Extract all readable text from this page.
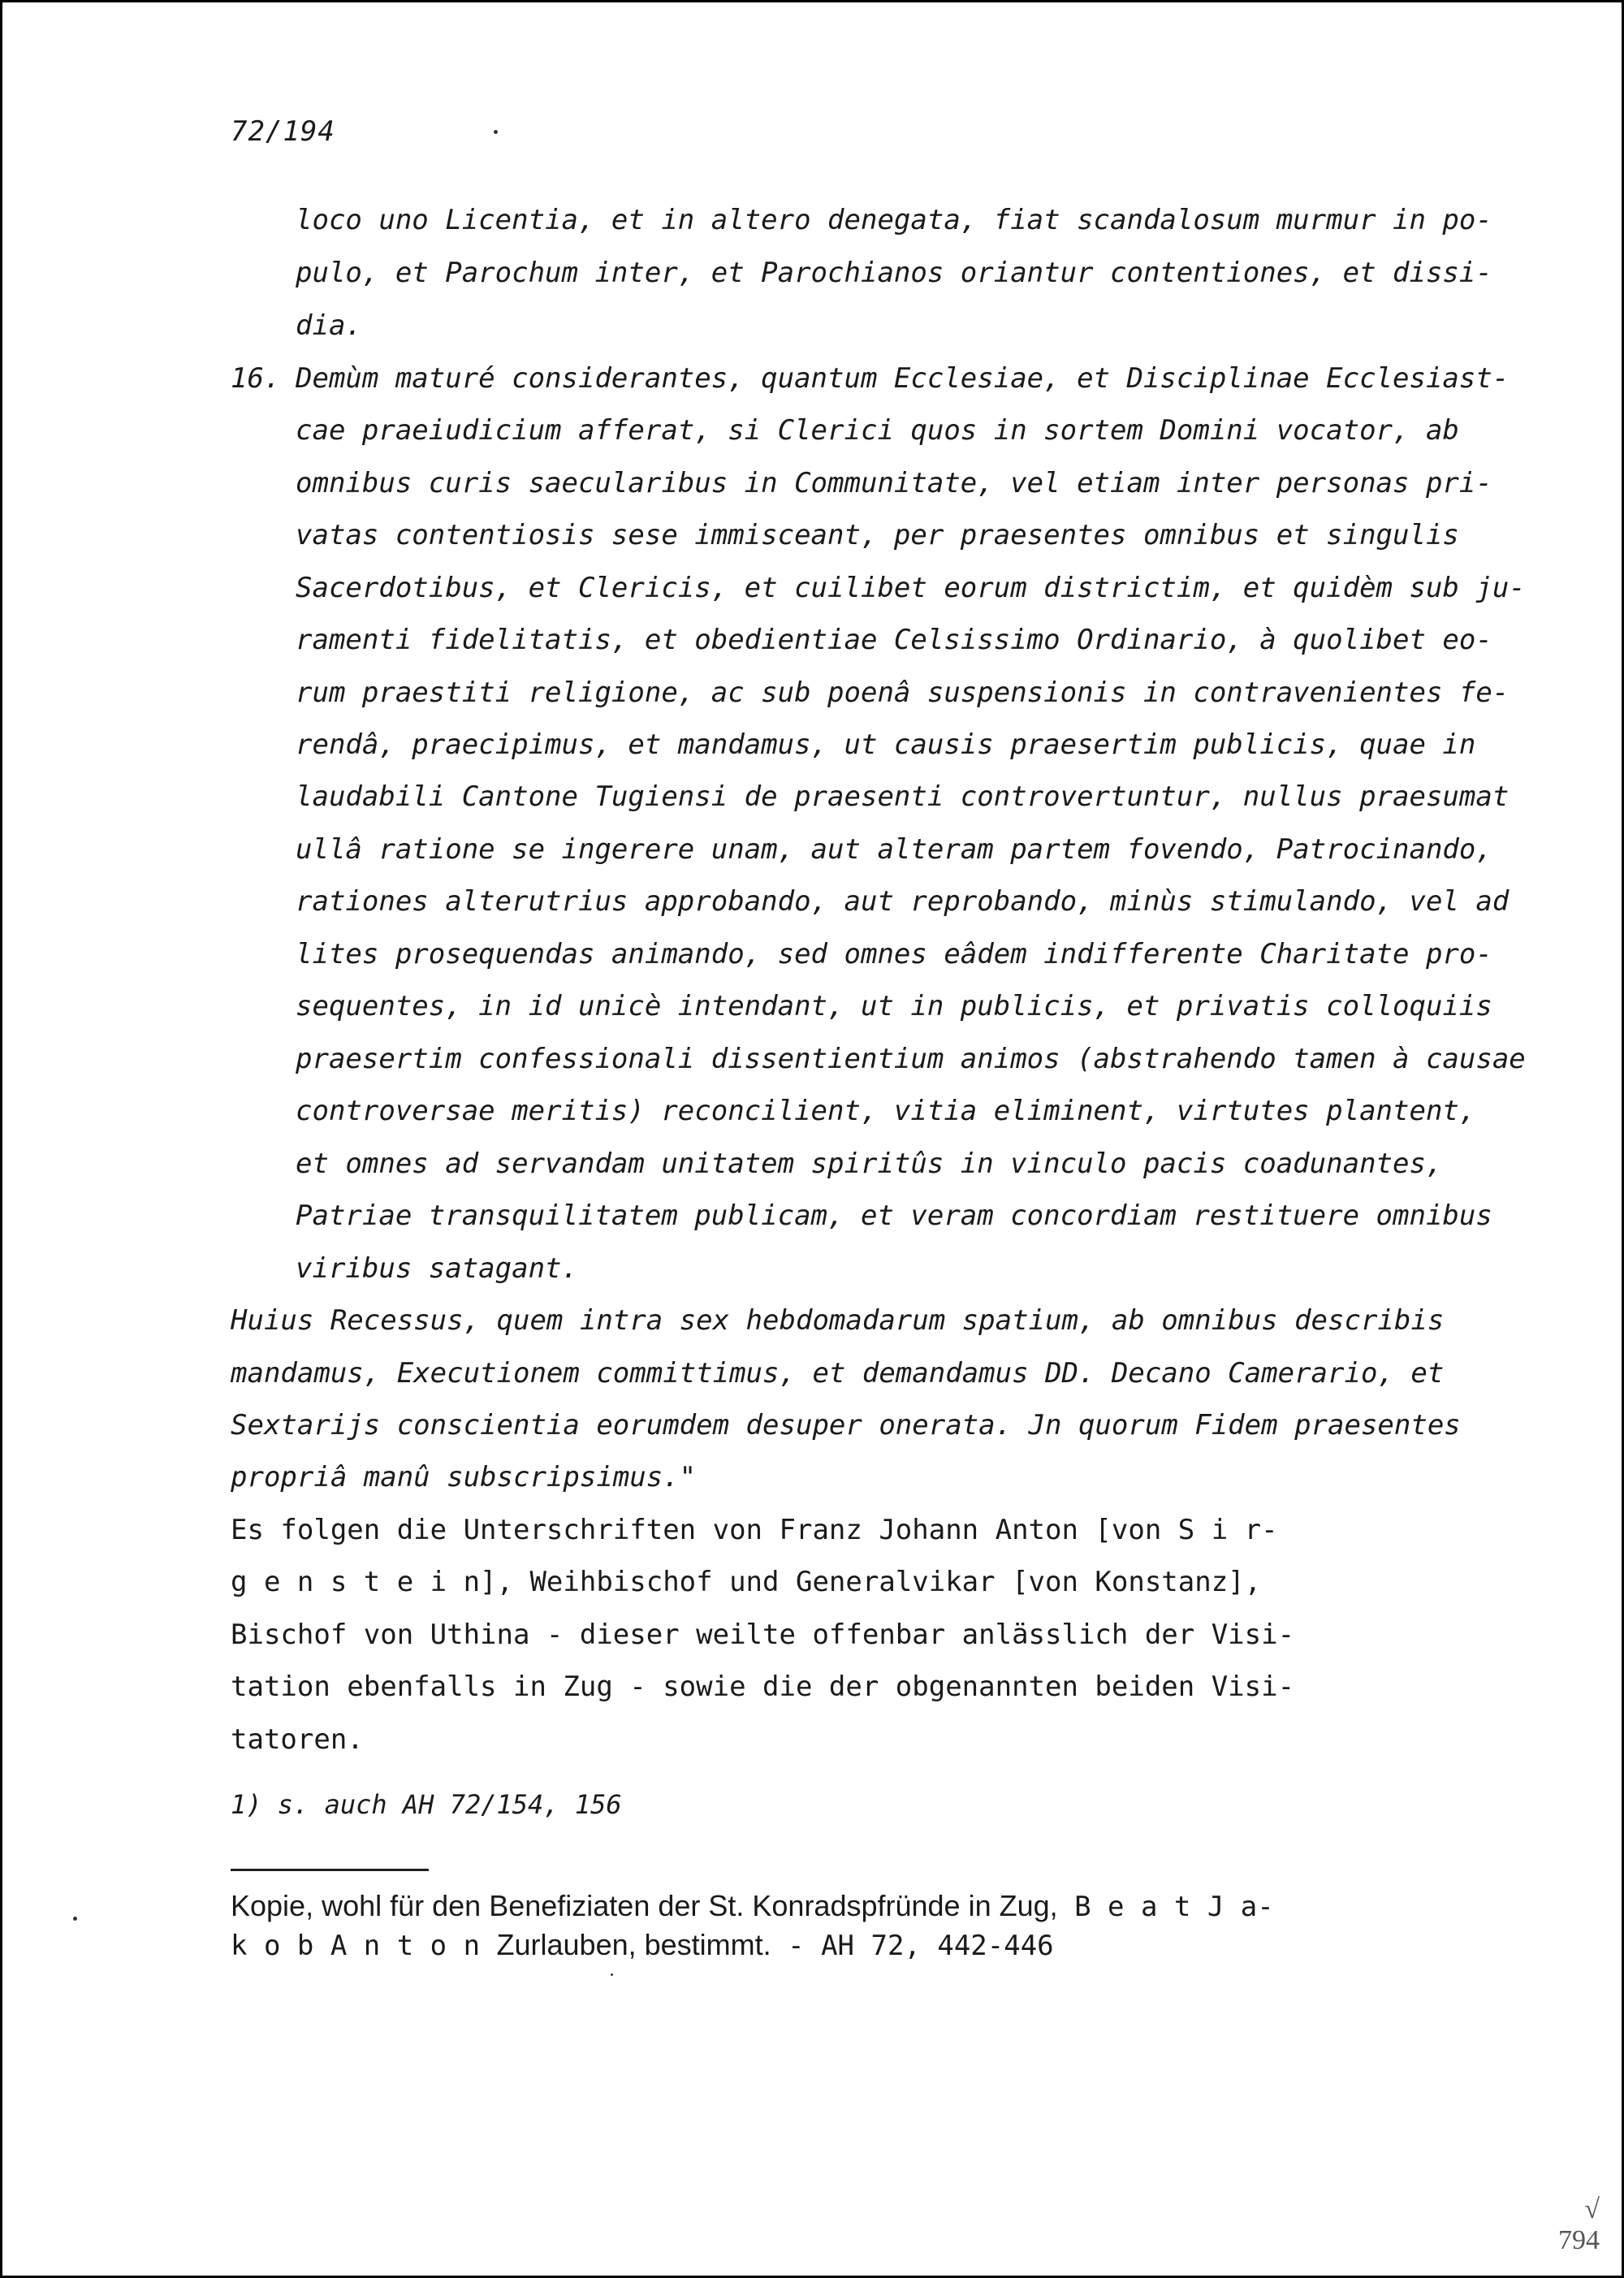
72/194

loco uno Licentia, et in altero denegata, fiat scandalosum murmur in po-

pulo, et Parochum inter, et Parochianos oriantur contentiones, et dissi-

dia.

16. Demùm maturé considerantes, quantum Ecclesiae, et Disciplinae Ecclesiast-

cae praeiudicium afferat, si Clerici quos in sortem Domini vocator, ab

omnibus curis saecularibus in Communitate, vel etiam inter personas pri-

vatas contentiosis sese immisceant, per praesentes omnibus et singulis

Sacerdotibus, et Clericis, et cuilibet eorum districtim, et quidèm sub ju-

ramenti fidelitatis, et obedientiae Celsissimo Ordinario, à quolibet eo-

rum praestiti religione, ac sub poenâ suspensionis in contravenientes fe-

rendâ, praecipimus, et mandamus, ut causis praesertim publicis, quae in

laudabili Cantone Tugiensi de praesenti controvertuntur, nullus praesumat

ullâ ratione se ingerere unam, aut alteram partem fovendo, Patrocinando,

rationes alterutrius approbando, aut reprobando, minùs stimulando, vel ad

lites prosequendas animando, sed omnes eâdem indifferente Charitate pro-

sequentes, in id unicè intendant, ut in publicis, et privatis colloquiis

praesertim confessionali dissentientium animos (abstrahendo tamen à causae

controversae meritis) reconcilient, vitia eliminent, virtutes plantent,

et omnes ad servandam unitatem spiritûs in vinculo pacis coadunantes,

Patriae transquilitatem publicam, et veram concordiam restituere omnibus

viribus satagant.

Huius Recessus, quem intra sex hebdomadarum spatium, ab omnibus describis

mandamus, Executionem committimus, et demandamus DD. Decano Camerario, et

Sextarijs conscientia eorumdem desuper onerata. Jn quorum Fidem praesentes

propriâ manû subscripsimus."

Es folgen die Unterschriften von Franz Johann Anton [von S i r-

g e n s t e i n], Weihbischof und Generalvikar [von Konstanz],

Bischof von Uthina - dieser weilte offenbar anlässlich der Visi-

tation ebenfalls in Zug - sowie die der obgenannten beiden Visi-

tatoren.

1) s. auch AH 72/154, 156

Kopie, wohl für den Benefiziaten der St. Konradspfründe in Zug, B e a t J a-

k o b A n t o n Zurlauben, bestimmt. - AH 72, 442-446

√
794
